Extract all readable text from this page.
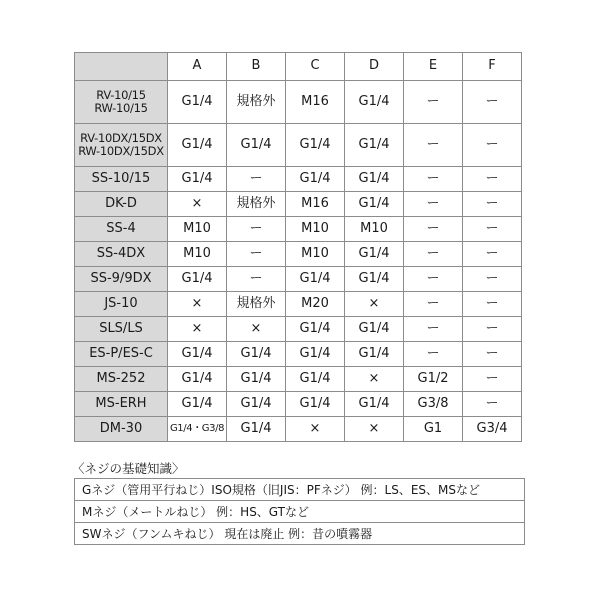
	A	B	C	D	E	F

RV-10/15
RW-10/15	G1/4	規格外	M16	G1/4	ー	ー

RV-10DX/15DX
RW-10DX/15DX	G1/4	G1/4	G1/4	G1/4	ー	ー

SS-10/15	G1/4	ー	G1/4	G1/4	ー	ー

DK-D	×	規格外	M16	G1/4	ー	ー

SS-4	M10	ー	M10	M10	ー	ー

SS-4DX	M10	ー	M10	G1/4	ー	ー

SS-9/9DX	G1/4	ー	G1/4	G1/4	ー	ー

JS-10	×	規格外	M20	×	ー	ー

SLS/LS	×	×	G1/4	G1/4	ー	ー

ES-P/ES-C	G1/4	G1/4	G1/4	G1/4	ー	ー

MS-252	G1/4	G1/4	G1/4	×	G1/2	ー

MS-ERH	G1/4	G1/4	G1/4	G1/4	G3/8	ー

DM-30	G1/4・G3/8	G1/4	×	×	G1	G3/4

〈ネジの基礎知識〉

Gネジ（管用平行ねじ）ISO規格（旧JIS：PFネジ） 例：LS、ES、MSなど
Mネジ（メートルねじ） 例：HS、GTなど
SWネジ（フンムキねじ） 現在は廃止 例：昔の噴霧器
